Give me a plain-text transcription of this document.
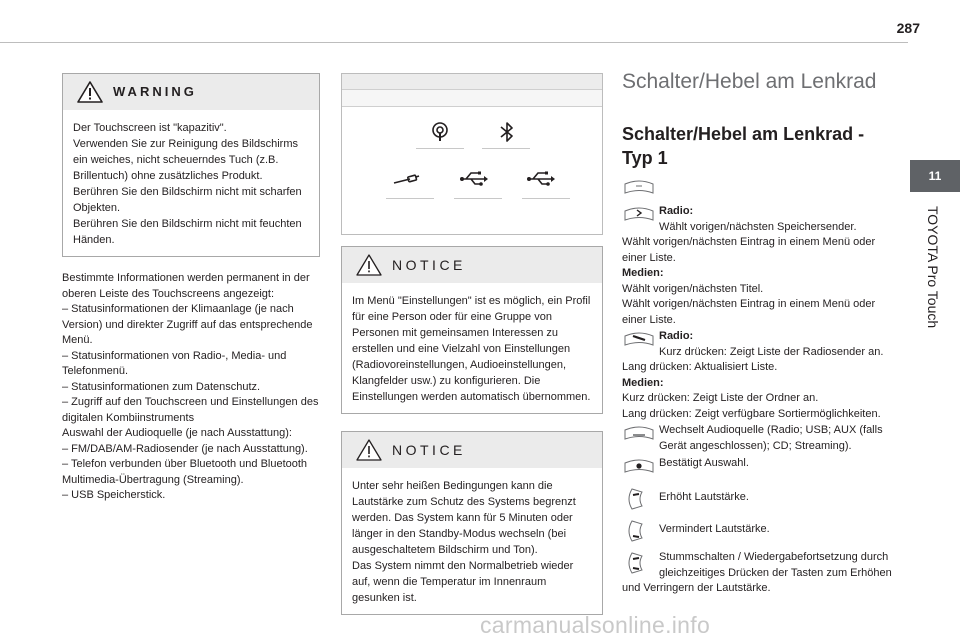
287
11
TOYOTA Pro Touch
WARNING
Der Touchscreen ist "kapazitiv".
Verwenden Sie zur Reinigung des Bildschirms ein weiches, nicht scheuerndes Tuch (z.B. Brillentuch) ohne zusätzliches Produkt.
Berühren Sie den Bildschirm nicht mit scharfen Objekten.
Berühren Sie den Bildschirm nicht mit feuchten Händen.
Bestimmte Informationen werden permanent in der oberen Leiste des Touchscreens angezeigt:
– Statusinformationen der Klimaanlage (je nach Version) und direkter Zugriff auf das entsprechende Menü.
– Statusinformationen von Radio-, Media- und Telefonmenü.
– Statusinformationen zum Datenschutz.
– Zugriff auf den Touchscreen und Einstellungen des digitalen Kombiinstruments
Auswahl der Audioquelle (je nach Ausstattung):
– FM/DAB/AM-Radiosender (je nach Ausstattung).
– Telefon verbunden über Bluetooth und Bluetooth Multimedia-Übertragung (Streaming).
– USB Speicherstick.
NOTICE
Im Menü "Einstellungen" ist es möglich, ein Profil für eine Person oder für eine Gruppe von Personen mit gemeinsamen Interessen zu erstellen und eine Vielzahl von Einstellungen (Radiovoreinstellungen, Audioeinstellungen, Klangfelder usw.) zu konfigurieren. Die Einstellungen werden automatisch übernommen.
NOTICE
Unter sehr heißen Bedingungen kann die Lautstärke zum Schutz des Systems begrenzt werden. Das System kann für 5 Minuten oder länger in den Standby-Modus wechseln (bei ausgeschaltetem Bildschirm und Ton).
Das System nimmt den Normalbetrieb wieder auf, wenn die Temperatur im Innenraum gesunken ist.
Schalter/Hebel am Lenkrad
Schalter/Hebel am Lenkrad - Typ 1
Radio:
Wählt vorigen/nächsten Speichersender.
Wählt vorigen/nächsten Eintrag in einem Menü oder einer Liste.
Medien:
Wählt vorigen/nächsten Titel.
Wählt vorigen/nächsten Eintrag in einem Menü oder einer Liste.
Radio:
Kurz drücken: Zeigt Liste der Radiosender an.
Lang drücken: Aktualisiert Liste.
Medien:
Kurz drücken: Zeigt Liste der Ordner an.
Lang drücken: Zeigt verfügbare Sortiermöglichkeiten.
Wechselt Audioquelle (Radio; USB; AUX (falls Gerät angeschlossen); CD; Streaming).
Bestätigt Auswahl.
Erhöht Lautstärke.
Vermindert Lautstärke.
Stummschalten / Wiedergabefortsetzung durch gleichzeitiges Drücken der Tasten zum Erhöhen und Verringern der Lautstärke.
carmanualsonline.info
